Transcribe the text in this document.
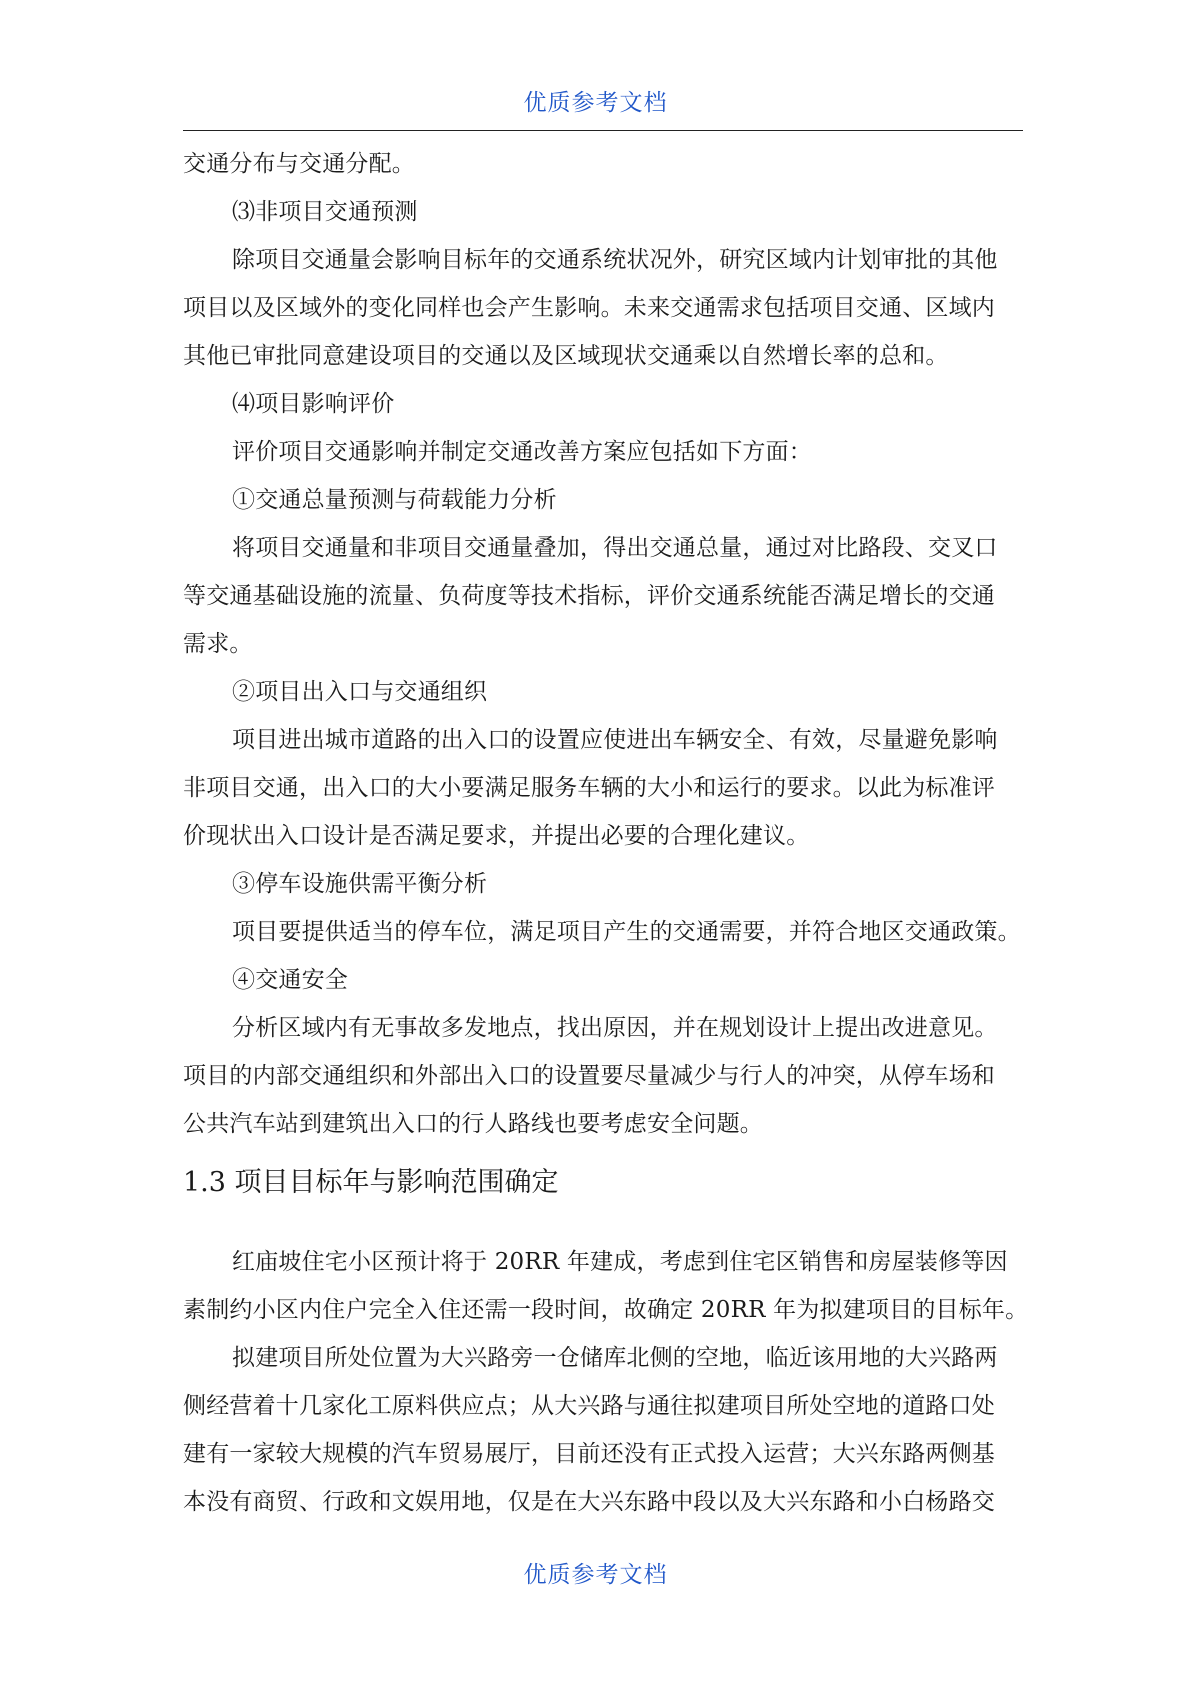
优质参考文档
交通分布与交通分配。
⑶非项目交通预测
除项目交通量会影响目标年的交通系统状况外，研究区域内计划审批的其他
项目以及区域外的变化同样也会产生影响。未来交通需求包括项目交通、区域内
其他已审批同意建设项目的交通以及区域现状交通乘以自然增长率的总和。
⑷项目影响评价
评价项目交通影响并制定交通改善方案应包括如下方面：
①交通总量预测与荷载能力分析
将项目交通量和非项目交通量叠加，得出交通总量，通过对比路段、交叉口
等交通基础设施的流量、负荷度等技术指标，评价交通系统能否满足增长的交通
需求。
②项目出入口与交通组织
项目进出城市道路的出入口的设置应使进出车辆安全、有效，尽量避免影响
非项目交通，出入口的大小要满足服务车辆的大小和运行的要求。以此为标准评
价现状出入口设计是否满足要求，并提出必要的合理化建议。
③停车设施供需平衡分析
项目要提供适当的停车位，满足项目产生的交通需要，并符合地区交通政策。
④交通安全
分析区域内有无事故多发地点，找出原因，并在规划设计上提出改进意见。
项目的内部交通组织和外部出入口的设置要尽量减少与行人的冲突，从停车场和
公共汽车站到建筑出入口的行人路线也要考虑安全问题。
1.3 项目目标年与影响范围确定
红庙坡住宅小区预计将于 20RR 年建成，考虑到住宅区销售和房屋装修等因
素制约小区内住户完全入住还需一段时间，故确定 20RR 年为拟建项目的目标年。
拟建项目所处位置为大兴路旁一仓储库北侧的空地，临近该用地的大兴路两
侧经营着十几家化工原料供应点；从大兴路与通往拟建项目所处空地的道路口处
建有一家较大规模的汽车贸易展厅，目前还没有正式投入运营；大兴东路两侧基
本没有商贸、行政和文娱用地，仅是在大兴东路中段以及大兴东路和小白杨路交
优质参考文档
